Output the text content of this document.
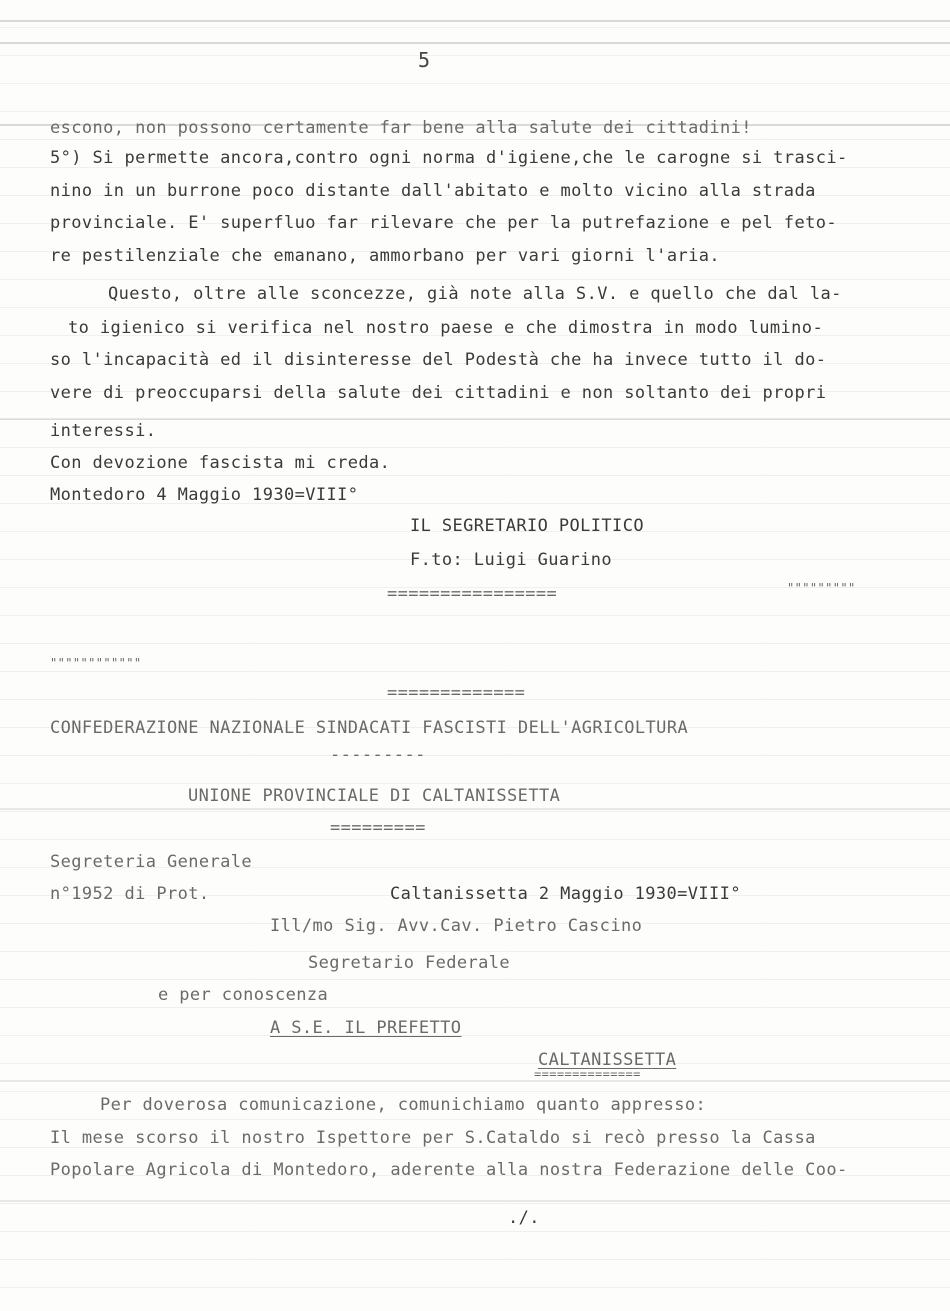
5
escono, non possono certamente far bene alla salute dei cittadini!
5°) Si permette ancora,contro ogni norma d'igiene,che le carogne si trasci-
nino in un burrone poco distante dall'abitato e molto vicino alla strada
provinciale. E' superfluo far rilevare che per la putrefazione e pel feto-
re pestilenziale che emanano, ammorbano per vari giorni l'aria.
Questo, oltre alle sconcezze, già note alla S.V. e quello che dal la-
to igienico si verifica nel nostro paese e che dimostra in modo lumino-
so l'incapacità ed il disinteresse del Podestà che ha invece tutto il do-
vere di preoccuparsi della salute dei cittadini e non soltanto dei propri
interessi.
Con devozione fascista mi creda.
Montedoro 4 Maggio 1930=VIII°
IL SEGRETARIO POLITICO
F.to: Luigi Guarino
"""""""""
================
""""""""""""
=============
CONFEDERAZIONE NAZIONALE SINDACATI FASCISTI DELL'AGRICOLTURA
---------
UNIONE PROVINCIALE DI CALTANISSETTA
=========
Segreteria Generale
n°1952 di Prot.	Caltanissetta 2 Maggio 1930=VIII°
Ill/mo Sig. Avv.Cav. Pietro Cascino
Segretario Federale
e per conoscenza
A S.E. IL PREFETTO
CALTANISSETTA
==============
Per doverosa comunicazione, comunichiamo quanto appresso:
Il mese scorso il nostro Ispettore per S.Cataldo si recò presso la Cassa
Popolare Agricola di Montedoro, aderente alla nostra Federazione delle Coo-
./.
